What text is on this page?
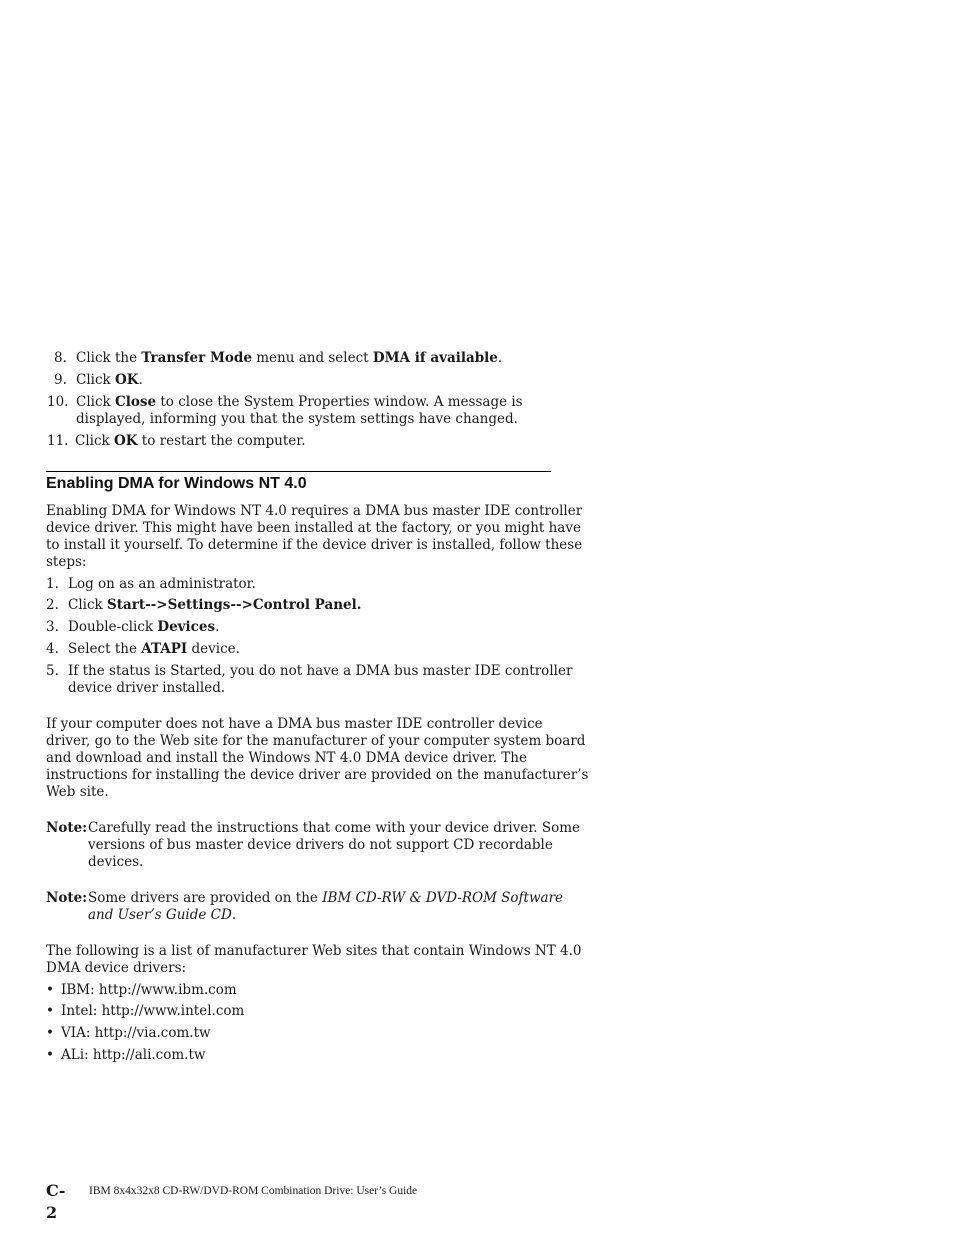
8. Click the Transfer Mode menu and select DMA if available.
9. Click OK.
10. Click Close to close the System Properties window. A message is
displayed, informing you that the system settings have changed.
11. Click OK to restart the computer.
Enabling DMA for Windows NT 4.0

Enabling DMA for Windows NT 4.0 requires a DMA bus master IDE controller

device driver. This might have been installed at the factory, or you might have

to install it yourself. To determine if the device driver is installed, follow these

steps:

1. Log on as an administrator.
2. Click Start-->Settings-->Control Panel.
3. Double-click Devices.
4. Select the ATAPI device.
5. If the status is Started, you do not have a DMA bus master IDE controller
device driver installed.

If your computer does not have a DMA bus master IDE controller device

driver, go to the Web site for the manufacturer of your computer system board

and download and install the Windows NT 4.0 DMA device driver. The

instructions for installing the device driver are provided on the manufacturer’s

Web site.

Note: Carefully read the instructions that come with your device driver. Some
versions of bus master device drivers do not support CD recordable
devices.
Note: Some drivers are provided on the IBM CD-RW & DVD-ROM Software
and User’s Guide CD.

The following is a list of manufacturer Web sites that contain Windows NT 4.0

DMA device drivers:

• IBM: http://www.ibm.com
• Intel: http://www.intel.com
• VIA: http://via.com.tw
• ALi: http://ali.com.tw
C-2
IBM 8x4x32x8 CD-RW/DVD-ROM Combination Drive: User’s Guide
